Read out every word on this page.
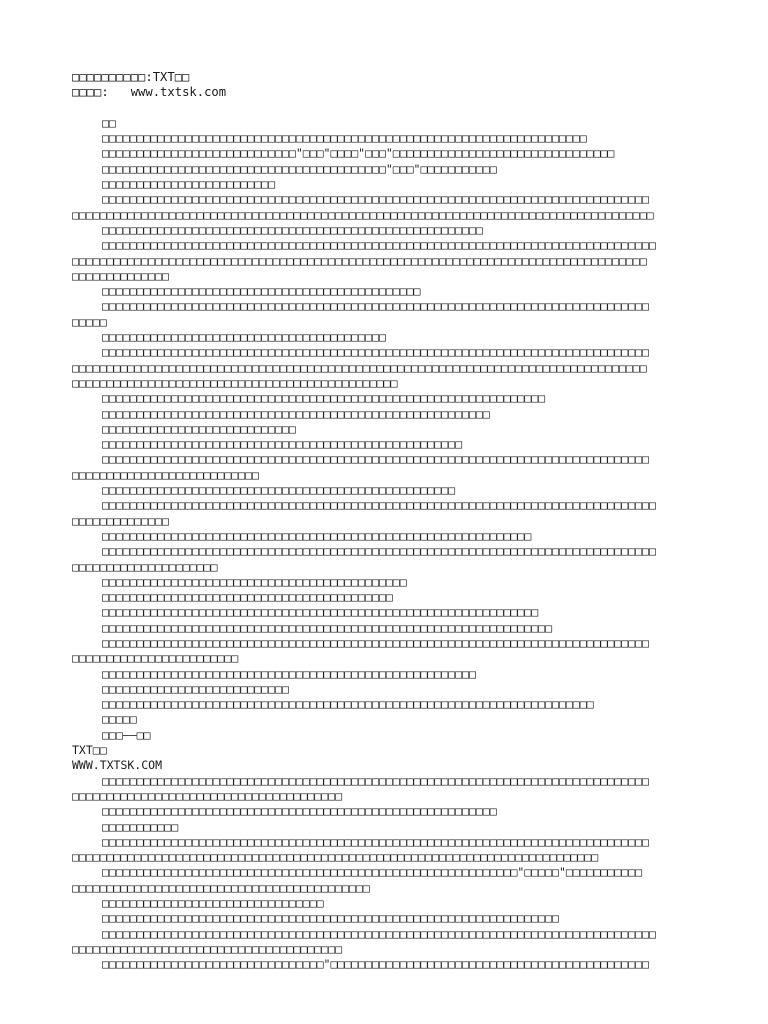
□□□□□□□□□□:TXT□□
□□□□: www.txtsk.com
□□
□□□□□□□□□□□□□□□□□□□□□□□□□□□□□□□□□□□□□□□□□□□□□□□□□□□□□□□□□□□□□□□□□□□□□□
□□□□□□□□□□□□□□□□□□□□□□□□□□□□"□□□"□□□□"□□□"□□□□□□□□□□□□□□□□□□□□□□□□□□□□□□□□
□□□□□□□□□□□□□□□□□□□□□□□□□□□□□□□□□□□□□□□□□"□□□"□□□□□□□□□□□
□□□□□□□□□□□□□□□□□□□□□□□□□
□□□□□□□□□□□□□□□□□□□□□□□□□□□□□□□□□□□□□□□□□□□□□□□□□□□□□□□□□□□□□□□□□□□□□□□□□□□□□□□
□□□□□□□□□□□□□□□□□□□□□□□□□□□□□□□□□□□□□□□□□□□□□□□□□□□□□□□□□□□□□□□□□□□□□□□□□□□□□□□□□□□□
□□□□□□□□□□□□□□□□□□□□□□□□□□□□□□□□□□□□□□□□□□□□□□□□□□□□□□□
□□□□□□□□□□□□□□□□□□□□□□□□□□□□□□□□□□□□□□□□□□□□□□□□□□□□□□□□□□□□□□□□□□□□□□□□□□□□□□□□
□□□□□□□□□□□□□□□□□□□□□□□□□□□□□□□□□□□□□□□□□□□□□□□□□□□□□□□□□□□□□□□□□□□□□□□□□□□□□□□□□□□
□□□□□□□□□□□□□□
□□□□□□□□□□□□□□□□□□□□□□□□□□□□□□□□□□□□□□□□□□□□□□
□□□□□□□□□□□□□□□□□□□□□□□□□□□□□□□□□□□□□□□□□□□□□□□□□□□□□□□□□□□□□□□□□□□□□□□□□□□□□□□
□□□□□
□□□□□□□□□□□□□□□□□□□□□□□□□□□□□□□□□□□□□□□□□
□□□□□□□□□□□□□□□□□□□□□□□□□□□□□□□□□□□□□□□□□□□□□□□□□□□□□□□□□□□□□□□□□□□□□□□□□□□□□□□
□□□□□□□□□□□□□□□□□□□□□□□□□□□□□□□□□□□□□□□□□□□□□□□□□□□□□□□□□□□□□□□□□□□□□□□□□□□□□□□□□□□
□□□□□□□□□□□□□□□□□□□□□□□□□□□□□□□□□□□□□□□□□□□□□□□
□□□□□□□□□□□□□□□□□□□□□□□□□□□□□□□□□□□□□□□□□□□□□□□□□□□□□□□□□□□□□□□□
□□□□□□□□□□□□□□□□□□□□□□□□□□□□□□□□□□□□□□□□□□□□□□□□□□□□□□□□
□□□□□□□□□□□□□□□□□□□□□□□□□□□□
□□□□□□□□□□□□□□□□□□□□□□□□□□□□□□□□□□□□□□□□□□□□□□□□□□□□
□□□□□□□□□□□□□□□□□□□□□□□□□□□□□□□□□□□□□□□□□□□□□□□□□□□□□□□□□□□□□□□□□□□□□□□□□□□□□□□
□□□□□□□□□□□□□□□□□□□□□□□□□□□
□□□□□□□□□□□□□□□□□□□□□□□□□□□□□□□□□□□□□□□□□□□□□□□□□□□
□□□□□□□□□□□□□□□□□□□□□□□□□□□□□□□□□□□□□□□□□□□□□□□□□□□□□□□□□□□□□□□□□□□□□□□□□□□□□□□□
□□□□□□□□□□□□□□
□□□□□□□□□□□□□□□□□□□□□□□□□□□□□□□□□□□□□□□□□□□□□□□□□□□□□□□□□□□□□□
□□□□□□□□□□□□□□□□□□□□□□□□□□□□□□□□□□□□□□□□□□□□□□□□□□□□□□□□□□□□□□□□□□□□□□□□□□□□□□□□
□□□□□□□□□□□□□□□□□□□□□
□□□□□□□□□□□□□□□□□□□□□□□□□□□□□□□□□□□□□□□□□□□□
□□□□□□□□□□□□□□□□□□□□□□□□□□□□□□□□□□□□□□□□□□
□□□□□□□□□□□□□□□□□□□□□□□□□□□□□□□□□□□□□□□□□□□□□□□□□□□□□□□□□□□□□□□
□□□□□□□□□□□□□□□□□□□□□□□□□□□□□□□□□□□□□□□□□□□□□□□□□□□□□□□□□□□□□□□□□
□□□□□□□□□□□□□□□□□□□□□□□□□□□□□□□□□□□□□□□□□□□□□□□□□□□□□□□□□□□□□□□□□□□□□□□□□□□□□□□
□□□□□□□□□□□□□□□□□□□□□□□□
□□□□□□□□□□□□□□□□□□□□□□□□□□□□□□□□□□□□□□□□□□□□□□□□□□□□□□
□□□□□□□□□□□□□□□□□□□□□□□□□□□
□□□□□□□□□□□□□□□□□□□□□□□□□□□□□□□□□□□□□□□□□□□□□□□□□□□□□□□□□□□□□□□□□□□□□□□
□□□□□
□□□——□□
TXT□□
WWW.TXTSK.COM
□□□□□□□□□□□□□□□□□□□□□□□□□□□□□□□□□□□□□□□□□□□□□□□□□□□□□□□□□□□□□□□□□□□□□□□□□□□□□□□
□□□□□□□□□□□□□□□□□□□□□□□□□□□□□□□□□□□□□□□
□□□□□□□□□□□□□□□□□□□□□□□□□□□□□□□□□□□□□□□□□□□□□□□□□□□□□□□□□
□□□□□□□□□□□
□□□□□□□□□□□□□□□□□□□□□□□□□□□□□□□□□□□□□□□□□□□□□□□□□□□□□□□□□□□□□□□□□□□□□□□□□□□□□□□
□□□□□□□□□□□□□□□□□□□□□□□□□□□□□□□□□□□□□□□□□□□□□□□□□□□□□□□□□□□□□□□□□□□□□□□□□□□□
□□□□□□□□□□□□□□□□□□□□□□□□□□□□□□□□□□□□□□□□□□□□□□□□□□□□□□□□□□□□"□□□□□"□□□□□□□□□□□
□□□□□□□□□□□□□□□□□□□□□□□□□□□□□□□□□□□□□□□□□□□
□□□□□□□□□□□□□□□□□□□□□□□□□□□□□□□□
□□□□□□□□□□□□□□□□□□□□□□□□□□□□□□□□□□□□□□□□□□□□□□□□□□□□□□□□□□□□□□□□□□
□□□□□□□□□□□□□□□□□□□□□□□□□□□□□□□□□□□□□□□□□□□□□□□□□□□□□□□□□□□□□□□□□□□□□□□□□□□□□□□□
□□□□□□□□□□□□□□□□□□□□□□□□□□□□□□□□□□□□□□□
□□□□□□□□□□□□□□□□□□□□□□□□□□□□□□□□"□□□□□□□□□□□□□□□□□□□□□□□□□□□□□□□□□□□□□□□□□□□□□□
